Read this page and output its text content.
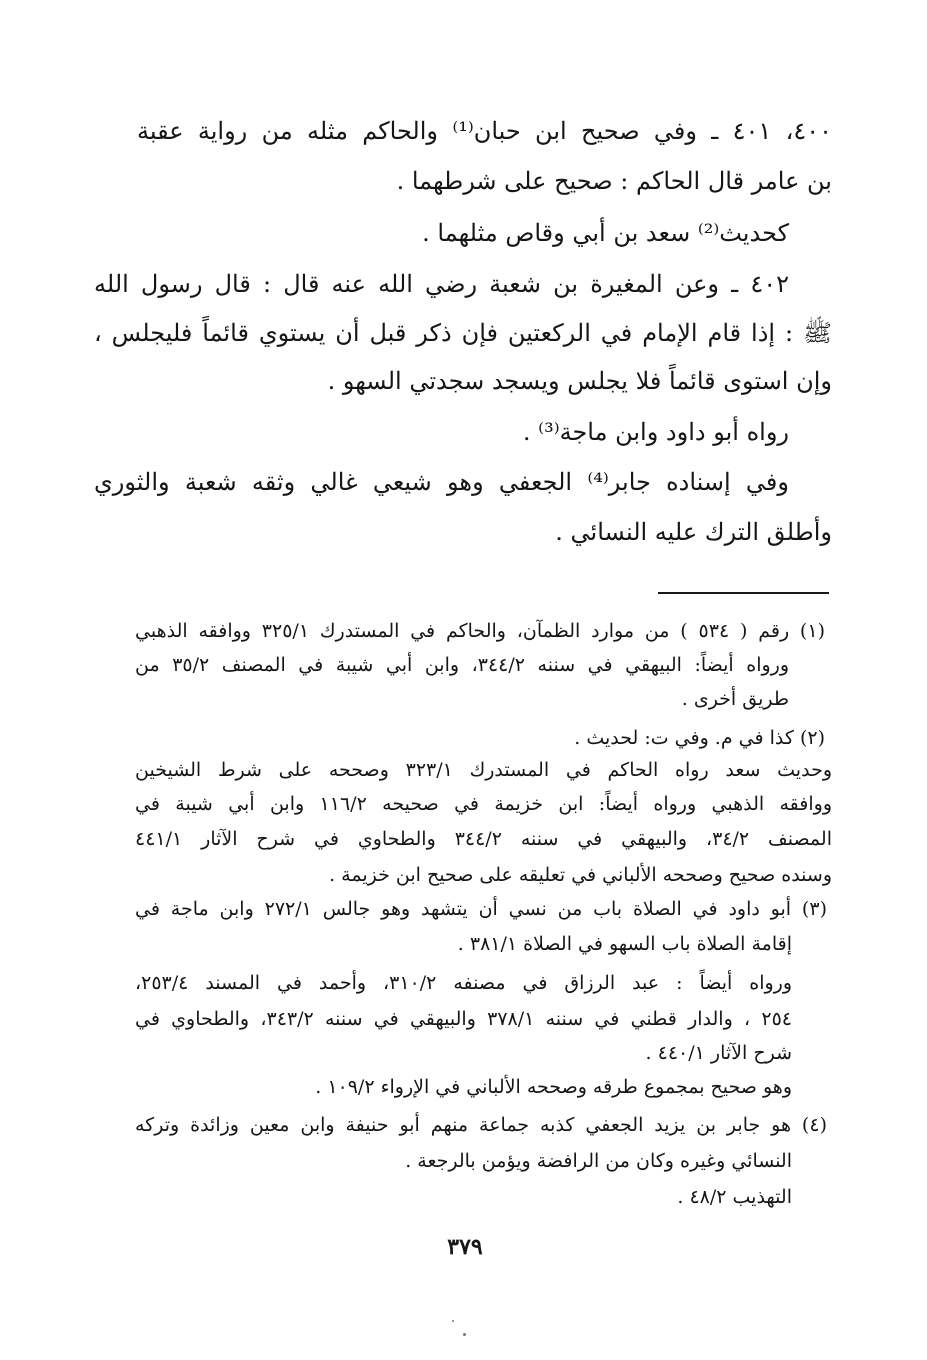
٤٠٠، ٤٠١ ـ وفي صحيح ابن حبان⁽¹⁾ والحاكم مثله من رواية عقبة
بن عامر قال الحاكم : صحيح على شرطهما .
كحديث⁽²⁾ سعد بن أبي وقاص مثلهما .
٤٠٢ ـ وعن المغيرة بن شعبة رضي الله عنه قال : قال رسول الله
ﷺ : إذا قام الإمام في الركعتين فإن ذكر قبل أن يستوي قائماً فليجلس ،
وإن استوى قائماً فلا يجلس ويسجد سجدتي السهو .
رواه أبو داود وابن ماجة⁽³⁾ .
وفي إسناده جابر⁽⁴⁾ الجعفي وهو شيعي غالي وثقه شعبة والثوري
وأطلق الترك عليه النسائي .
(١) رقم ( ٥٣٤ ) من موارد الظمآن، والحاكم في المستدرك ٣٢٥/١ ووافقه الذهبي
ورواه أيضاً: البيهقي في سننه ٣٤٤/٢، وابن أبي شيبة في المصنف ٣٥/٢ من
طريق أخرى .
(٢) كذا في م. وفي ت: لحديث .
وحديث سعد رواه الحاكم في المستدرك ٣٢٣/١ وصححه على شرط الشيخين
ووافقه الذهبي ورواه أيضاً: ابن خزيمة في صحيحه ١١٦/٢ وابن أبي شيبة في
المصنف ٣٤/٢، والبيهقي في سننه ٣٤٤/٢ والطحاوي في شرح الآثار ٤٤١/١
وسنده صحيح وصححه الألباني في تعليقه على صحيح ابن خزيمة .
(٣) أبو داود في الصلاة باب من نسي أن يتشهد وهو جالس ٢٧٢/١ وابن ماجة في
إقامة الصلاة باب السهو في الصلاة ٣٨١/١ .
ورواه أيضاً : عبد الرزاق في مصنفه ٣١٠/٢، وأحمد في المسند ٢٥٣/٤،
٢٥٤ ، والدار قطني في سننه ٣٧٨/١ والبيهقي في سننه ٣٤٣/٢، والطحاوي في
شرح الآثار ٤٤٠/١ .
وهو صحيح بمجموع طرقه وصححه الألباني في الإرواء ١٠٩/٢ .
(٤) هو جابر بن يزيد الجعفي كذبه جماعة منهم أبو حنيفة وابن معين وزائدة وتركه
النسائي وغيره وكان من الرافضة ويؤمن بالرجعة .
التهذيب ٤٨/٢ .
٣٧٩
